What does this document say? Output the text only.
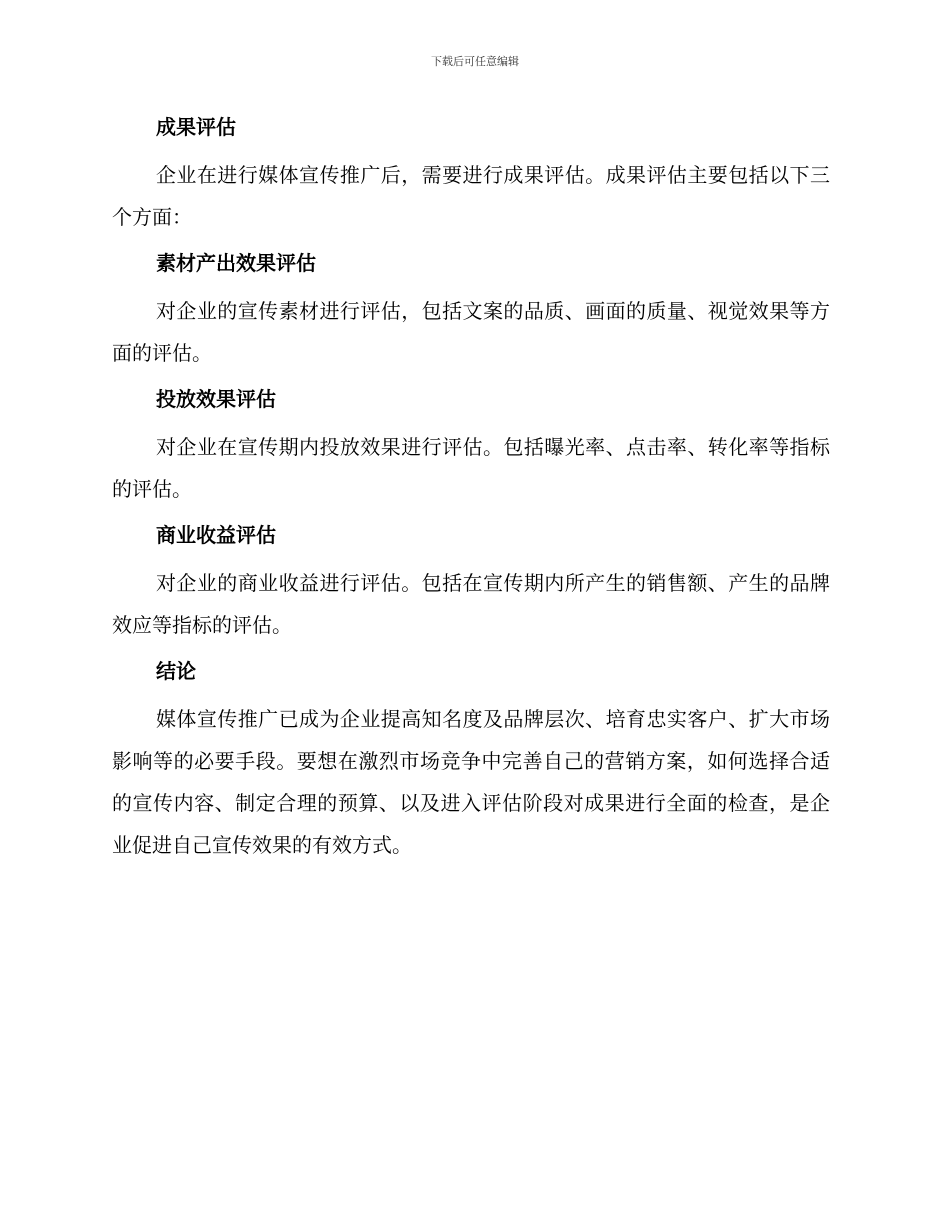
下载后可任意编辑
成果评估

企业在进行媒体宣传推广后，需要进行成果评估。成果评估主要包括以下三个方面：

素材产出效果评估

对企业的宣传素材进行评估，包括文案的品质、画面的质量、视觉效果等方面的评估。

投放效果评估

对企业在宣传期内投放效果进行评估。包括曝光率、点击率、转化率等指标的评估。

商业收益评估

对企业的商业收益进行评估。包括在宣传期内所产生的销售额、产生的品牌效应等指标的评估。

结论

媒体宣传推广已成为企业提高知名度及品牌层次、培育忠实客户、扩大市场影响等的必要手段。要想在激烈市场竞争中完善自己的营销方案，如何选择合适的宣传内容、制定合理的预算、以及进入评估阶段对成果进行全面的检查，是企业促进自己宣传效果的有效方式。
